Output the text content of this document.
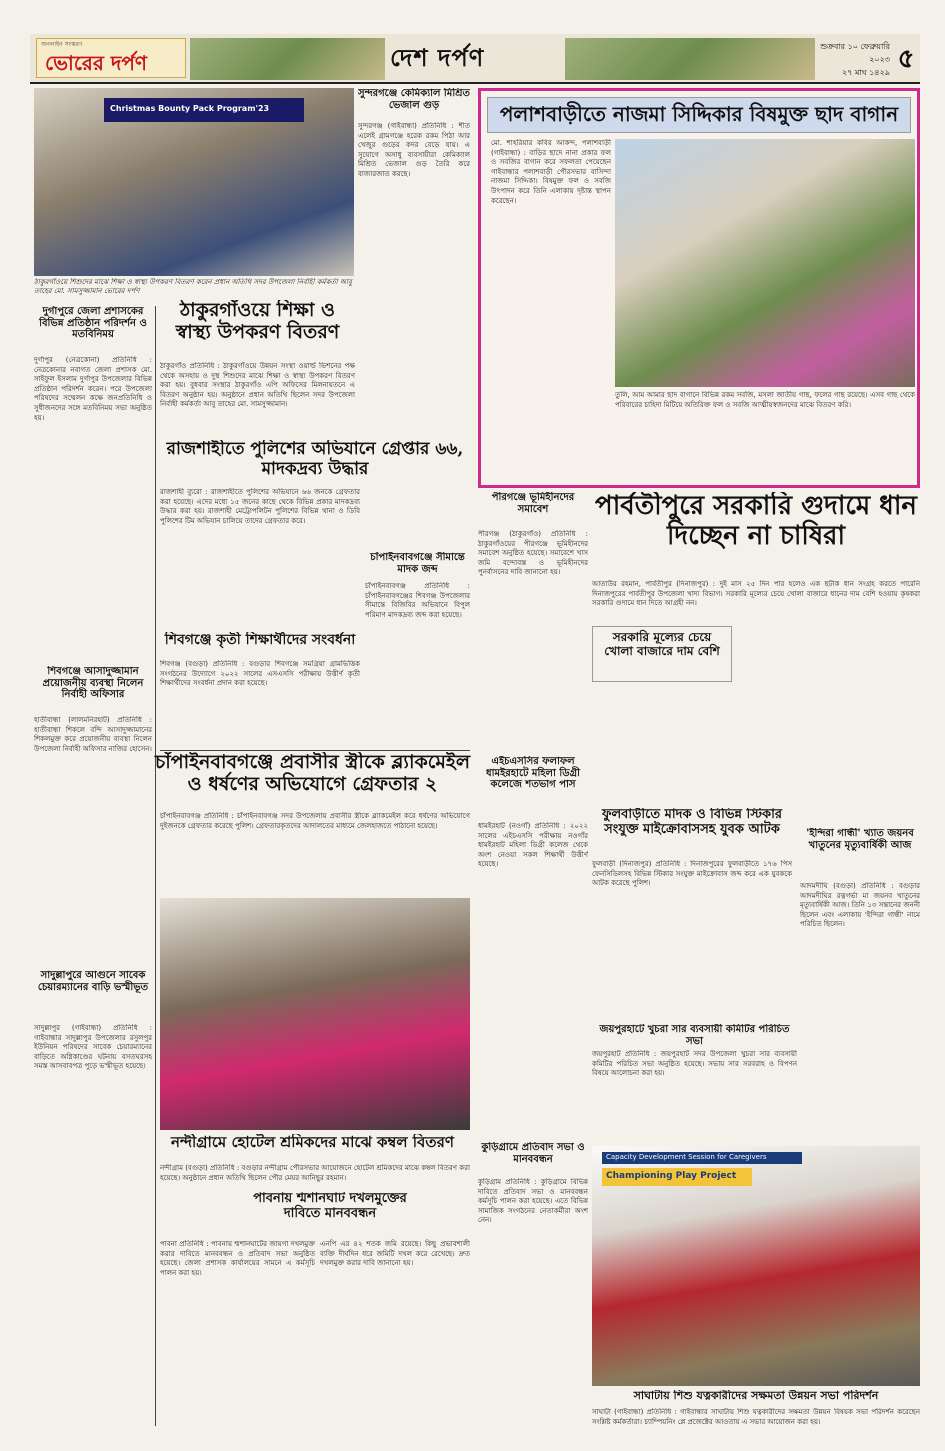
অনলাইন সংস্করণ
ভোরের দর্পণ	দেশ দর্পণ	শুক্রবার ১০ ফেব্রুয়ারি ২০২৩
২৭ মাঘ ১৪২৯ ৫
Christmas Bounty Pack Program'23
ঠাকুরগাঁওয়ে শিশুদের মাঝে শিক্ষা ও স্বাস্থ্য উপকরণ বিতরণ করেন প্রধান অতিথি সদর উপজেলা নির্বাহী কর্মকর্তা আবু তাহের মো. সামসুজ্জামান ভোরের দর্পণ
দুর্গাপুরে জেলা প্রশাসকের বিভিন্ন প্রতিষ্ঠান পরিদর্শন ও মতবিনিময়
দুর্গাপুর (নেত্রকোনা) প্রতিনিধি : নেত্রকোনার নবাগত জেলা প্রশাসক মো. সাইফুল ইসলাম দুর্গাপুর উপজেলার বিভিন্ন প্রতিষ্ঠান পরিদর্শন করেন। পরে উপজেলা পরিষদের সম্মেলন কক্ষে জনপ্রতিনিধি ও সুধীজনদের সঙ্গে মতবিনিময় সভা অনুষ্ঠিত হয়।
শিবগঞ্জে আসাদুজ্জামান প্রয়োজনীয় ব্যবস্থা নিলেন নির্বাহী অফিসার
হাতীবান্ধা (লালমনিরহাট) প্রতিনিধি : হাতীবান্ধা শিকলে বন্দি আসাদুজ্জামানের শিকলমুক্ত করে প্রয়োজনীয় ব্যবস্থা নিলেন উপজেলা নির্বাহী অফিসার নাজির হোসেন।
সাদুল্লাপুরে আগুনে সাবেক চেয়ারম্যানের বাড়ি ভস্মীভূত
সাদুল্লাপুর (গাইবান্ধা) প্রতিনিধি : গাইবান্ধার সাদুল্লাপুর উপজেলার রসুলপুর ইউনিয়ন পরিষদের সাবেক চেয়ারম্যানের বাড়িতে অগ্নিকাণ্ডের ঘটনায় বসতঘরসহ সমস্ত আসবাবপত্র পুড়ে ভস্মীভূত হয়েছে।
ঠাকুরগাঁওয়ে শিক্ষা ও স্বাস্থ্য উপকরণ বিতরণ
ঠাকুরগাঁও প্রতিনিধি : ঠাকুরগাঁওয়ে উন্নয়ন সংস্থা ওয়ার্ল্ড ভিশনের পক্ষ থেকে অসহায় ও দুস্থ শিশুদের মাঝে শিক্ষা ও স্বাস্থ্য উপকরণ বিতরণ করা হয়। বুধবার সংস্থার ঠাকুরগাঁও এপি অফিসের মিলনায়তনে এ বিতরণ অনুষ্ঠান হয়। অনুষ্ঠানে প্রধান অতিথি ছিলেন সদর উপজেলা নির্বাহী কর্মকর্তা আবু তাহের মো. সামসুজ্জামান।
সুন্দরগঞ্জে কেমিক্যাল মিশ্রিত ভেজাল গুড়
সুন্দরগঞ্জ (গাইবান্ধা) প্রতিনিধি : শীত এলেই গ্রামগঞ্জে হরেক রকম পিঠা আর খেজুর গুড়ের কদর বেড়ে যায়। এ সুযোগে অসাধু ব্যবসায়ীরা কেমিক্যাল মিশ্রিত ভেজাল গুড় তৈরি করে বাজারজাত করছে।
রাজশাহীতে পুলিশের অভিযানে গ্রেপ্তার ৬৬, মাদকদ্রব্য উদ্ধার
রাজশাহী ব্যুরো : রাজশাহীতে পুলিশের অভিযানে ৬৬ জনকে গ্রেফতার করা হয়েছে। এদের মধ্যে ১৫ জনের কাছে থেকে বিভিন্ন প্রকার মাদকদ্রব্য উদ্ধার করা হয়। রাজশাহী মেট্রোপলিটন পুলিশের বিভিন্ন থানা ও ডিবি পুলিশের টিম অভিযান চালিয়ে তাদের গ্রেফতার করে।
চাঁপাইনবাবগঞ্জে সীমান্তে মাদক জব্দ
চাঁপাইনবাবগঞ্জ প্রতিনিধি : চাঁপাইনবাবগঞ্জের শিবগঞ্জ উপজেলার সীমান্তে বিজিবির অভিযানে বিপুল পরিমাণ মাদকদ্রব্য জব্দ করা হয়েছে।
শিবগঞ্জে কৃতী শিক্ষার্থীদের সংবর্ধনা
শিবগঞ্জ (বগুড়া) প্রতিনিধি : বগুড়ার শিবগঞ্জে সমগ্রিয়া গ্রামভিত্তিক সংগঠনের উদ্যোগে ২০২২ সালের এসএসসি পরীক্ষায় উত্তীর্ণ কৃতী শিক্ষার্থীদের সংবর্ধনা প্রদান করা হয়েছে।
চাঁপাইনবাবগঞ্জে প্রবাসীর স্ত্রীকে ব্ল্যাকমেইল ও ধর্ষণের অভিযোগে গ্রেফতার ২
চাঁপাইনবাবগঞ্জ প্রতিনিধি : চাঁপাইনবাবগঞ্জ সদর উপজেলায় প্রবাসীর স্ত্রীকে ব্ল্যাকমেইল করে ধর্ষণের অভিযোগে দুইজনকে গ্রেফতার করেছে পুলিশ। গ্রেফতারকৃতদের আদালতের মাধ্যমে জেলহাজতে পাঠানো হয়েছে।
নন্দীগ্রামে হোটেল শ্রমিকদের মাঝে কম্বল বিতরণ
নন্দীগ্রাম (বগুড়া) প্রতিনিধি : বগুড়ার নন্দীগ্রাম পৌরসভার আয়োজনে হোটেল শ্রমিকদের মাঝে কম্বল বিতরণ করা হয়েছে। অনুষ্ঠানে প্রধান অতিথি ছিলেন পৌর মেয়র আনিছুর রহমান।
পাবনায় শ্মশানঘাট দখলমুক্তের দাবিতে মানববন্ধন
পাবনা প্রতিনিধি : পাবনায় শ্মশানঘাটের জায়গা দখলমুক্ত করার দাবিতে মানববন্ধন ও প্রতিবাদ সভা অনুষ্ঠিত হয়েছে। জেলা প্রশাসক কার্যালয়ের সামনে এ কর্মসূচি পালন করা হয়।
এনপি এর ৪২ শতক জমি রয়েছে। কিছু প্রভাবশালী ব্যক্তি দীর্ঘদিন ধরে জমিটি দখল করে রেখেছে। দ্রুত দখলমুক্ত করার দাবি জানানো হয়।
পলাশবাড়ীতে নাজমা সিদ্দিকার বিষমুক্ত ছাদ বাগান
মো. শাহরিয়ার কবির আকন্দ, পলাশবাড়ী (গাইবান্ধা) : বাড়ির ছাদে নানা প্রকার ফল ও সবজির বাগান করে সফলতা পেয়েছেন গাইবান্ধার পলাশবাড়ী পৌরসভার বাসিন্দা নাজমা সিদ্দিকা। বিষমুক্ত ফল ও সবজি উৎপাদন করে তিনি এলাকায় দৃষ্টান্ত স্থাপন করেছেন।
তুলি, আম আমার ছাদ বাগানে বিভিন্ন রকম সবজি, মসলা জাতীয় গাছ, ফলের গাছ রয়েছে। এসব গাছ থেকে পরিবারের চাহিদা মিটিয়ে অতিরিক্ত ফল ও সবজি আত্মীয়স্বজনদের মাঝে বিতরণ করি।
পীরগঞ্জে ভূমিহীনদের সমাবেশ
পীরগঞ্জ (ঠাকুরগাঁও) প্রতিনিধি : ঠাকুরগাঁওয়ের পীরগঞ্জে ভূমিহীনদের সমাবেশ অনুষ্ঠিত হয়েছে। সমাবেশে খাস জমি বন্দোবস্ত ও ভূমিহীনদের পুনর্বাসনের দাবি জানানো হয়।
পার্বতীপুরে সরকারি গুদামে ধান দিচ্ছেন না চাষিরা
আতাউর রহমান, পার্বতীপুর (দিনাজপুর) : দুই মাস ২৫ দিন পার হলেও এক ছটাক ধান সংগ্রহ করতে পারেনি দিনাজপুরের পার্বতীপুর উপজেলা খাদ্য বিভাগ। সরকারি মূল্যের চেয়ে খোলা বাজারে ধানের দাম বেশি হওয়ায় কৃষকরা সরকারি গুদামে ধান দিতে আগ্রহী নন।
সরকারি মূল্যের চেয়ে খোলা বাজারে দাম বেশি
এইচএসসির ফলাফল ধামইরহাটে মহিলা ডিগ্রী কলেজে শতভাগ পাস
ধামইরহাট (নওগাঁ) প্রতিনিধি : ২০২২ সালের এইচএসসি পরীক্ষায় নওগাঁর ধামইরহাট মহিলা ডিগ্রী কলেজ থেকে অংশ নেওয়া সকল শিক্ষার্থী উত্তীর্ণ হয়েছে।
ফুলবাড়ীতে মাদক ও বিভিন্ন স্টিকার সংযুক্ত মাইক্রোবাসসহ যুবক আটক
ফুলবাড়ী (দিনাজপুর) প্রতিনিধি : দিনাজপুরের ফুলবাড়ীতে ১৭৬ পিস ফেনসিডিলসহ বিভিন্ন স্টিকার সংযুক্ত মাইক্রোবাস জব্দ করে এক যুবককে আটক করেছে পুলিশ।
'ইন্দিরা গান্ধী' খ্যাত জয়নব খাতুনের মৃত্যুবার্ষিকী আজ
আদমদীঘি (বগুড়া) প্রতিনিধি : বগুড়ার আদমদীঘির রত্নগর্ভা মা জয়নব খাতুনের মৃত্যুবার্ষিকী আজ। তিনি ১৩ সন্তানের জননী ছিলেন এবং এলাকায় 'ইন্দিরা গান্ধী' নামে পরিচিত ছিলেন।
জয়পুরহাটে খুচরা সার ব্যবসায়ী কমিটির পরিচিত সভা
জয়পুরহাট প্রতিনিধি : জয়পুরহাট সদর উপজেলা খুচরা সার ব্যবসায়ী কমিটির পরিচিত সভা অনুষ্ঠিত হয়েছে। সভায় সার সরবরাহ ও বিপণন বিষয়ে আলোচনা করা হয়।
কুড়িগ্রামে প্রতিবাদ সভা ও মানববন্ধন
কুড়িগ্রাম প্রতিনিধি : কুড়িগ্রামে বিভিন্ন দাবিতে প্রতিবাদ সভা ও মানববন্ধন কর্মসূচি পালন করা হয়েছে। এতে বিভিন্ন সামাজিক সংগঠনের নেতাকর্মীরা অংশ নেন।
Capacity Development Session for Caregivers
Championing Play Project
সাঘাটায় শিশু যত্নকারীদের সক্ষমতা উন্নয়ন সভা পরিদর্শন
সাঘাটা (গাইবান্ধা) প্রতিনিধি : গাইবান্ধার সাঘাটায় শিশু যত্নকারীদের সক্ষমতা উন্নয়ন বিষয়ক সভা পরিদর্শন করেছেন সংশ্লিষ্ট কর্মকর্তারা। চ্যাম্পিয়নিং প্লে প্রজেক্টের আওতায় এ সভার আয়োজন করা হয়।
